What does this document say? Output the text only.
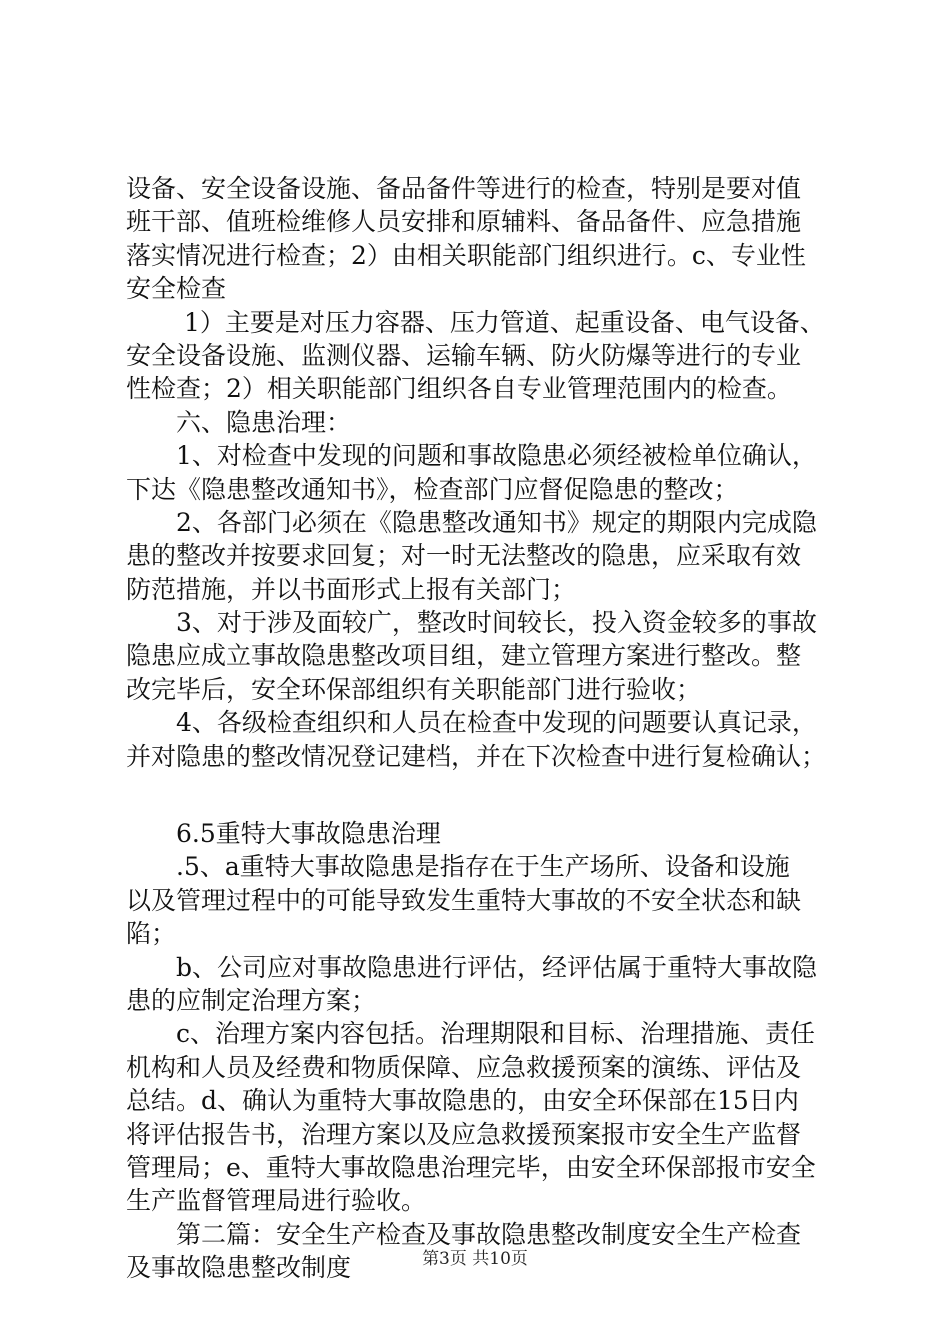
设备、安全设备设施、备品备件等进行的检查，特别是要对值
班干部、值班检维修人员安排和原辅料、备品备件、应急措施
落实情况进行检查；2）由相关职能部门组织进行。c、专业性
安全检查
1）主要是对压力容器、压力管道、起重设备、电气设备、
安全设备设施、监测仪器、运输车辆、防火防爆等进行的专业
性检查；2）相关职能部门组织各自专业管理范围内的检查。
六、隐患治理：
1、对检查中发现的问题和事故隐患必须经被检单位确认，
下达《隐患整改通知书》，检查部门应督促隐患的整改；
2、各部门必须在《隐患整改通知书》规定的期限内完成隐
患的整改并按要求回复；对一时无法整改的隐患，应采取有效
防范措施，并以书面形式上报有关部门；
3、对于涉及面较广，整改时间较长，投入资金较多的事故
隐患应成立事故隐患整改项目组，建立管理方案进行整改。整
改完毕后，安全环保部组织有关职能部门进行验收；
4、各级检查组织和人员在检查中发现的问题要认真记录，
并对隐患的整改情况登记建档，并在下次检查中进行复检确认；
6.5重特大事故隐患治理
.5、a重特大事故隐患是指存在于生产场所、设备和设施
以及管理过程中的可能导致发生重特大事故的不安全状态和缺
陷；
b、公司应对事故隐患进行评估，经评估属于重特大事故隐
患的应制定治理方案；
c、治理方案内容包括。治理期限和目标、治理措施、责任
机构和人员及经费和物质保障、应急救援预案的演练、评估及
总结。d、确认为重特大事故隐患的，由安全环保部在15日内
将评估报告书，治理方案以及应急救援预案报市安全生产监督
管理局；e、重特大事故隐患治理完毕，由安全环保部报市安全
生产监督管理局进行验收。
第二篇：安全生产检查及事故隐患整改制度安全生产检查
及事故隐患整改制度	第3页 共10页
